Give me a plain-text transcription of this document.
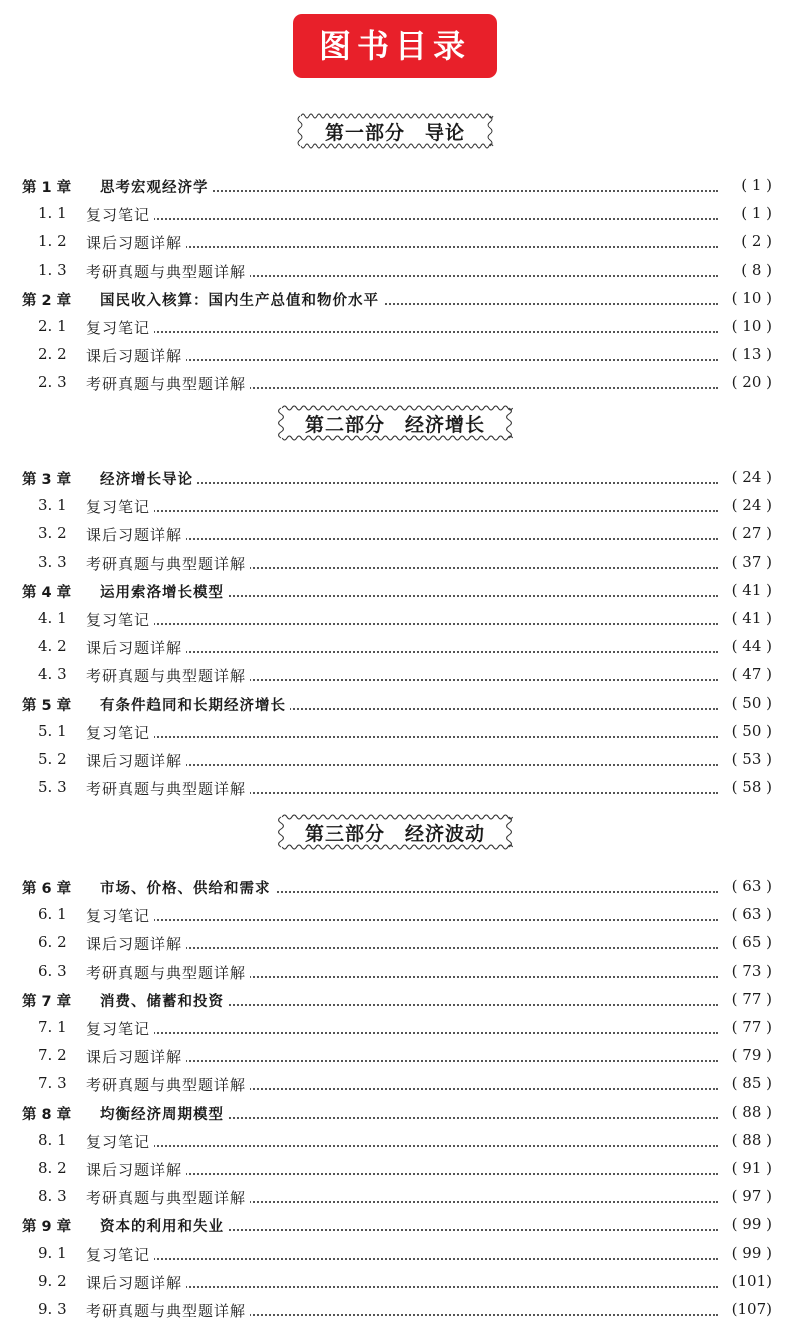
图书目录
第一部分　导论
第 1 章 思考宏观经济学	( 1 )
1. 1 复习笔记	( 1 )
1. 2 课后习题详解	( 2 )
1. 3 考研真题与典型题详解	( 8 )
第 2 章 国民收入核算：国内生产总值和物价水平	( 10 )
2. 1 复习笔记	( 10 )
2. 2 课后习题详解	( 13 )
2. 3 考研真题与典型题详解	( 20 )
第二部分　经济增长
第 3 章 经济增长导论	( 24 )
3. 1 复习笔记	( 24 )
3. 2 课后习题详解	( 27 )
3. 3 考研真题与典型题详解	( 37 )
第 4 章 运用索洛增长模型	( 41 )
4. 1 复习笔记	( 41 )
4. 2 课后习题详解	( 44 )
4. 3 考研真题与典型题详解	( 47 )
第 5 章 有条件趋同和长期经济增长	( 50 )
5. 1 复习笔记	( 50 )
5. 2 课后习题详解	( 53 )
5. 3 考研真题与典型题详解	( 58 )
第三部分　经济波动
第 6 章 市场、价格、供给和需求	( 63 )
6. 1 复习笔记	( 63 )
6. 2 课后习题详解	( 65 )
6. 3 考研真题与典型题详解	( 73 )
第 7 章 消费、储蓄和投资	( 77 )
7. 1 复习笔记	( 77 )
7. 2 课后习题详解	( 79 )
7. 3 考研真题与典型题详解	( 85 )
第 8 章 均衡经济周期模型	( 88 )
8. 1 复习笔记	( 88 )
8. 2 课后习题详解	( 91 )
8. 3 考研真题与典型题详解	( 97 )
第 9 章 资本的利用和失业	( 99 )
9. 1 复习笔记	( 99 )
9. 2 课后习题详解	(101)
9. 3 考研真题与典型题详解	(107)
